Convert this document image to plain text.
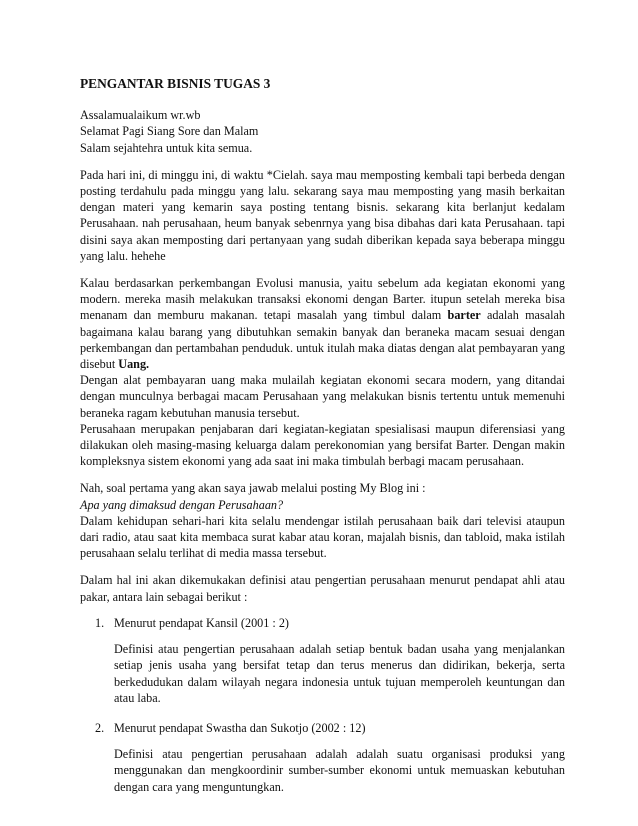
PENGANTAR BISNIS TUGAS 3

Assalamualaikum wr.wb

Selamat Pagi Siang Sore dan Malam

Salam sejahtehra untuk kita semua.

Pada hari ini, di minggu ini, di waktu *Cielah. saya mau memposting kembali tapi berbeda dengan posting terdahulu pada minggu yang lalu. sekarang saya mau memposting yang masih berkaitan dengan materi yang kemarin saya posting tentang bisnis. sekarang kita berlanjut kedalam Perusahaan. nah perusahaan, heum banyak sebenrnya yang bisa dibahas dari kata Perusahaan. tapi disini saya akan memposting dari pertanyaan yang sudah diberikan kepada saya beberapa minggu yang lalu. hehehe

Kalau berdasarkan perkembangan Evolusi manusia, yaitu sebelum ada kegiatan ekonomi yang modern. mereka masih melakukan transaksi ekonomi dengan Barter. itupun setelah mereka bisa menanam dan memburu makanan. tetapi masalah yang timbul dalam barter adalah masalah bagaimana kalau barang yang dibutuhkan semakin banyak dan beraneka macam sesuai dengan perkembangan dan pertambahan penduduk. untuk itulah maka diatas dengan alat pembayaran yang disebut Uang.

Dengan alat pembayaran uang maka mulailah kegiatan ekonomi secara modern, yang ditandai dengan munculnya berbagai macam Perusahaan yang melakukan bisnis tertentu untuk memenuhi beraneka ragam kebutuhan manusia tersebut.

Perusahaan merupakan penjabaran dari kegiatan-kegiatan spesialisasi maupun diferensiasi yang dilakukan oleh masing-masing keluarga dalam perekonomian yang bersifat Barter. Dengan makin kompleksnya sistem ekonomi yang ada saat ini maka timbulah berbagi macam perusahaan.

Nah, soal pertama yang akan saya jawab melalui posting My Blog ini :

Apa yang dimaksud dengan Perusahaan?

Dalam kehidupan sehari-hari kita selalu mendengar istilah perusahaan baik dari televisi ataupun dari radio, atau saat kita membaca surat kabar atau koran, majalah bisnis, dan tabloid, maka istilah perusahaan selalu terlihat di media massa tersebut.

Dalam hal ini akan dikemukakan definisi atau pengertian perusahaan menurut pendapat ahli atau pakar, antara lain sebagai berikut :

1. Menurut pendapat Kansil (2001 : 2)
Definisi atau pengertian perusahaan adalah setiap bentuk badan usaha yang menjalankan setiap jenis usaha yang bersifat tetap dan terus menerus dan didirikan, bekerja, serta berkedudukan dalam wilayah negara indonesia untuk tujuan memperoleh keuntungan dan atau laba.
2. Menurut pendapat Swastha dan Sukotjo (2002 : 12)
Definisi atau pengertian perusahaan adalah adalah suatu organisasi produksi yang menggunakan dan mengkoordinir sumber-sumber ekonomi untuk memuaskan kebutuhan dengan cara yang menguntungkan.
